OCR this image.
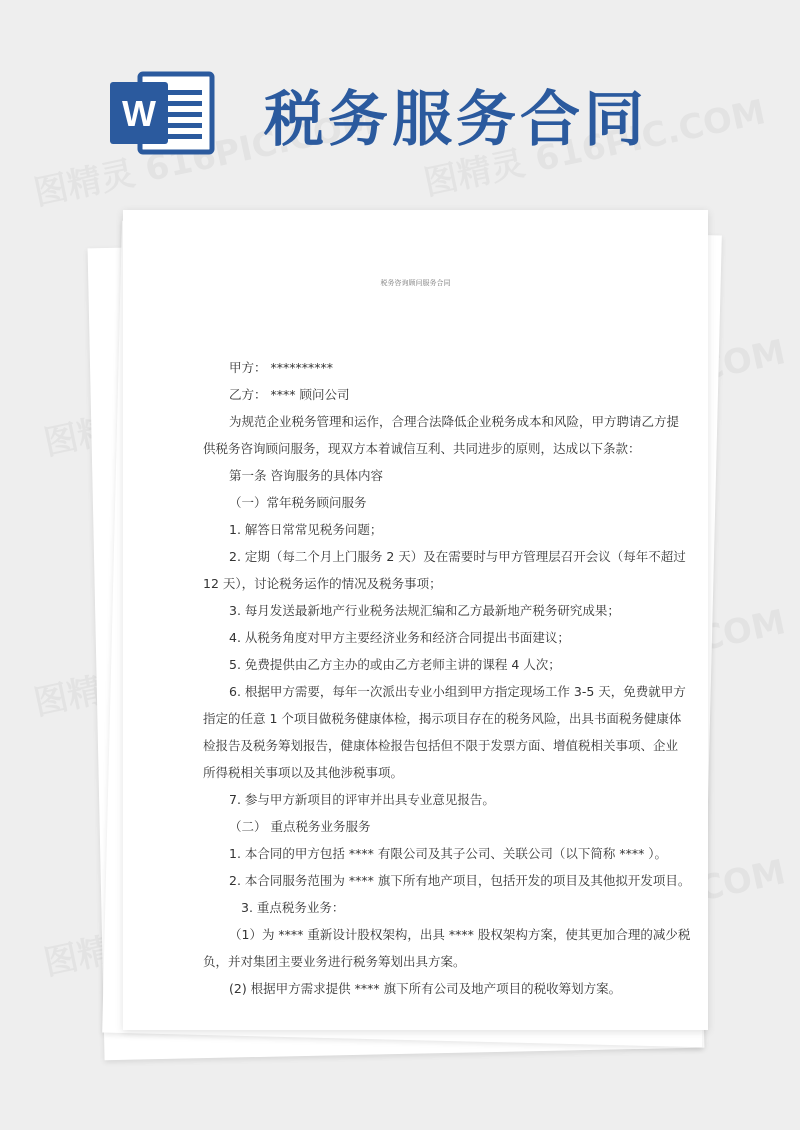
W 税务服务合同
税务咨询顾问服务合同
甲方： **********
乙方： **** 顾问公司
为规范企业税务管理和运作，合理合法降低企业税务成本和风险，甲方聘请乙方提
供税务咨询顾问服务，现双方本着诚信互利、共同进步的原则，达成以下条款：
第一条 咨询服务的具体内容
（一）常年税务顾问服务
1. 解答日常常见税务问题；
2. 定期（每二个月上门服务 2 天）及在需要时与甲方管理层召开会议（每年不超过
12 天），讨论税务运作的情况及税务事项；
3. 每月发送最新地产行业税务法规汇编和乙方最新地产税务研究成果；
4. 从税务角度对甲方主要经济业务和经济合同提出书面建议；
5. 免费提供由乙方主办的或由乙方老师主讲的课程 4 人次；
6. 根据甲方需要，每年一次派出专业小组到甲方指定现场工作 3-5 天，免费就甲方
指定的任意 1 个项目做税务健康体检，揭示项目存在的税务风险，出具书面税务健康体
检报告及税务筹划报告，健康体检报告包括但不限于发票方面、增值税相关事项、企业
所得税相关事项以及其他涉税事项。
7. 参与甲方新项目的评审并出具专业意见报告。
（二） 重点税务业务服务
1. 本合同的甲方包括 **** 有限公司及其子公司、关联公司（以下简称 **** ）。
2. 本合同服务范围为 **** 旗下所有地产项目，包括开发的项目及其他拟开发项目。
3. 重点税务业务：
（1）为 **** 重新设计股权架构，出具 **** 股权架构方案，使其更加合理的减少税
负，并对集团主要业务进行税务筹划出具方案。
(2) 根据甲方需求提供 **** 旗下所有公司及地产项目的税收筹划方案。
